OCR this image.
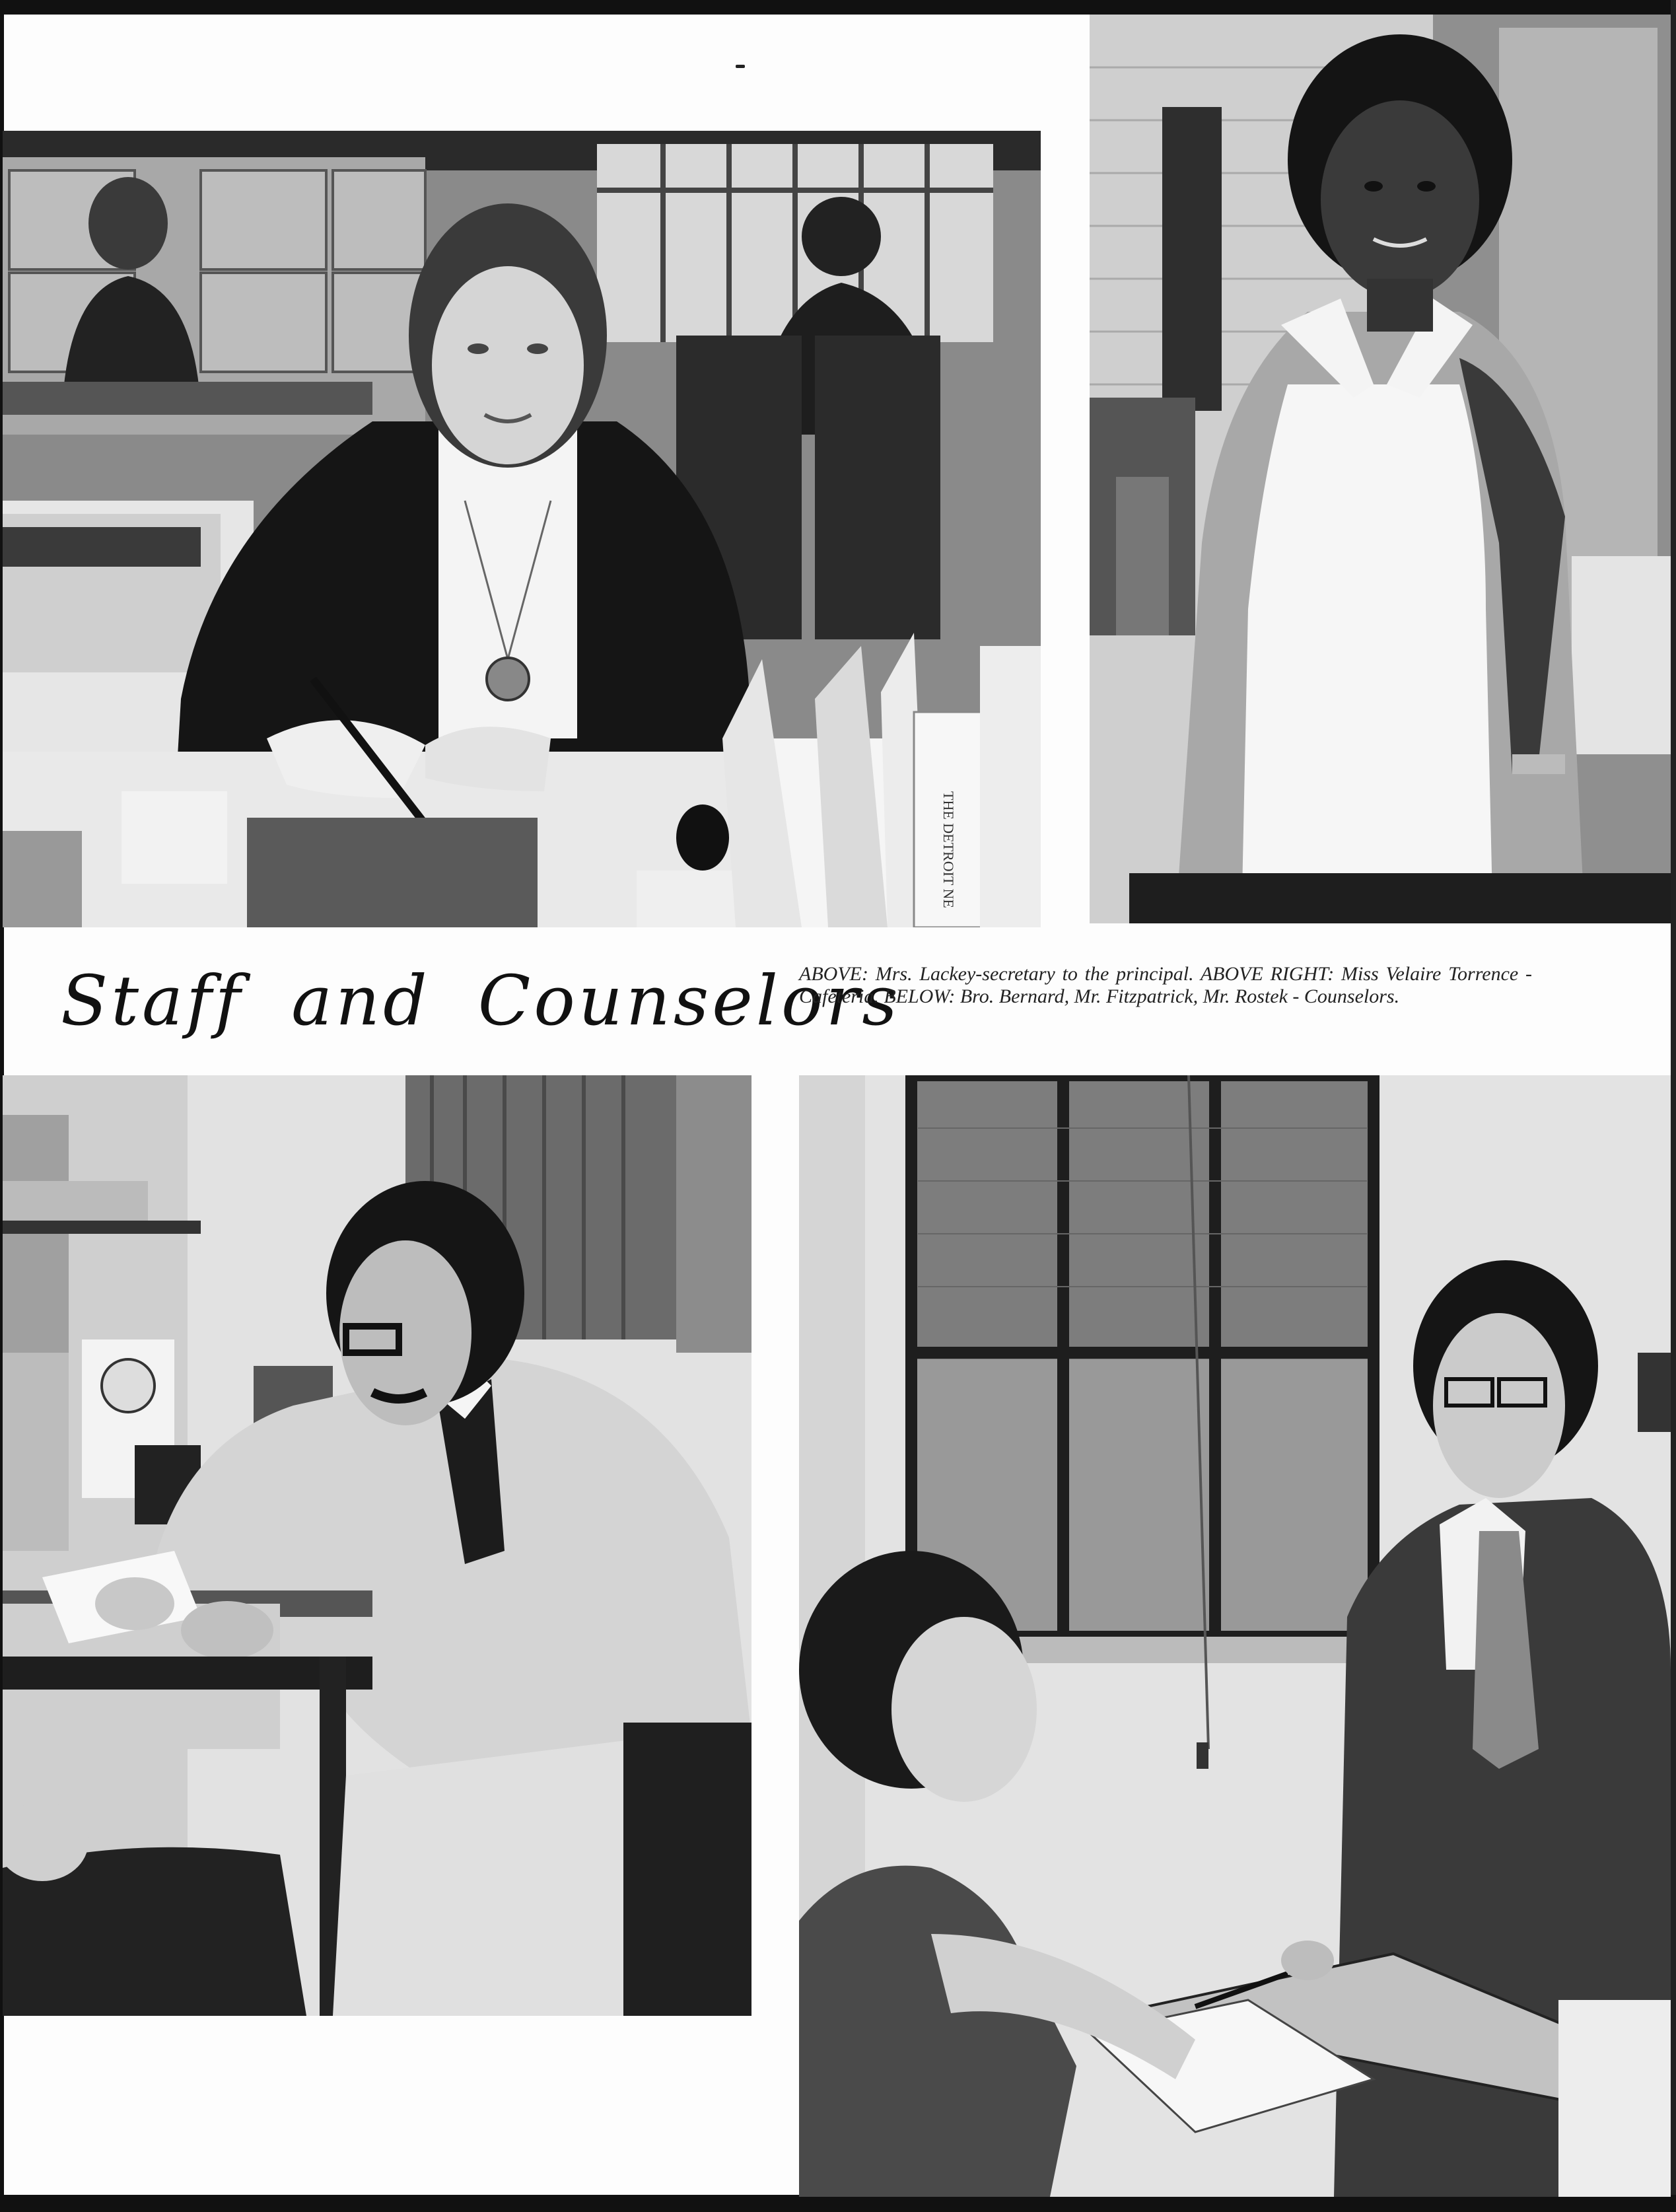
THE DETROIT NE
Staff and Counselors
ABOVE: Mrs. Lackey-secretary to the principal. ABOVE RIGHT: Miss Velaire Torrence - Cafeteria. BELOW: Bro. Bernard, Mr. Fitzpatrick, Mr. Rostek - Counselors.
